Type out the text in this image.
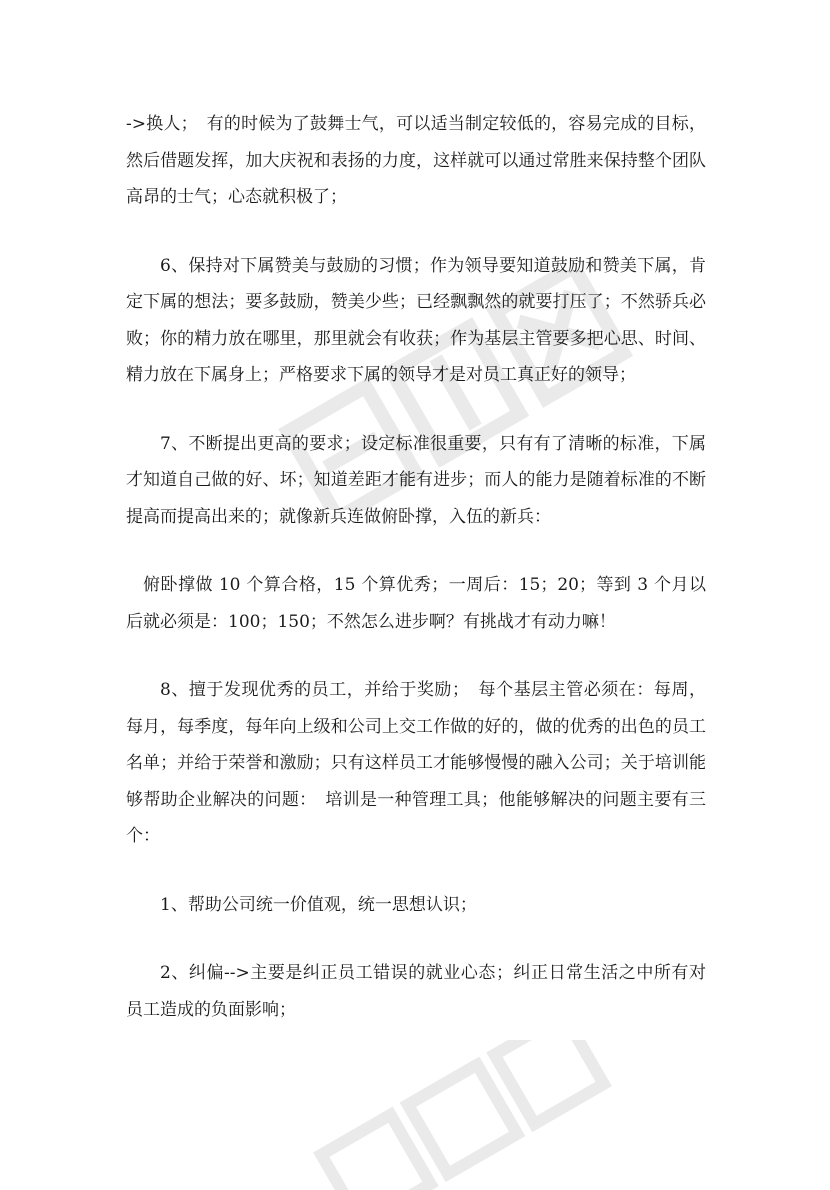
->换人；　有的时候为了鼓舞士气，可以适当制定较低的，容易完成的目标，然后借题发挥，加大庆祝和表扬的力度，这样就可以通过常胜来保持整个团队高昂的士气；心态就积极了；

6、保持对下属赞美与鼓励的习惯；作为领导要知道鼓励和赞美下属，肯定下属的想法；要多鼓励，赞美少些；已经飘飘然的就要打压了；不然骄兵必败；你的精力放在哪里，那里就会有收获；作为基层主管要多把心思、时间、精力放在下属身上；严格要求下属的领导才是对员工真正好的领导；

7、不断提出更高的要求；设定标准很重要，只有有了清晰的标准，下属才知道自己做的好、坏；知道差距才能有进步；而人的能力是随着标准的不断提高而提高出来的；就像新兵连做俯卧撑，入伍的新兵：

俯卧撑做 10 个算合格，15 个算优秀；一周后：15；20；等到 3 个月以后就必须是：100；150；不然怎么进步啊？有挑战才有动力嘛！

8、擅于发现优秀的员工，并给于奖励；　每个基层主管必须在：每周，每月，每季度，每年向上级和公司上交工作做的好的，做的优秀的出色的员工名单；并给于荣誉和激励；只有这样员工才能够慢慢的融入公司；关于培训能够帮助企业解决的问题：　培训是一种管理工具；他能够解决的问题主要有三个：

1、帮助公司统一价值观，统一思想认识；

2、纠偏-->主要是纠正员工错误的就业心态；纠正日常生活之中所有对员工造成的负面影响；
